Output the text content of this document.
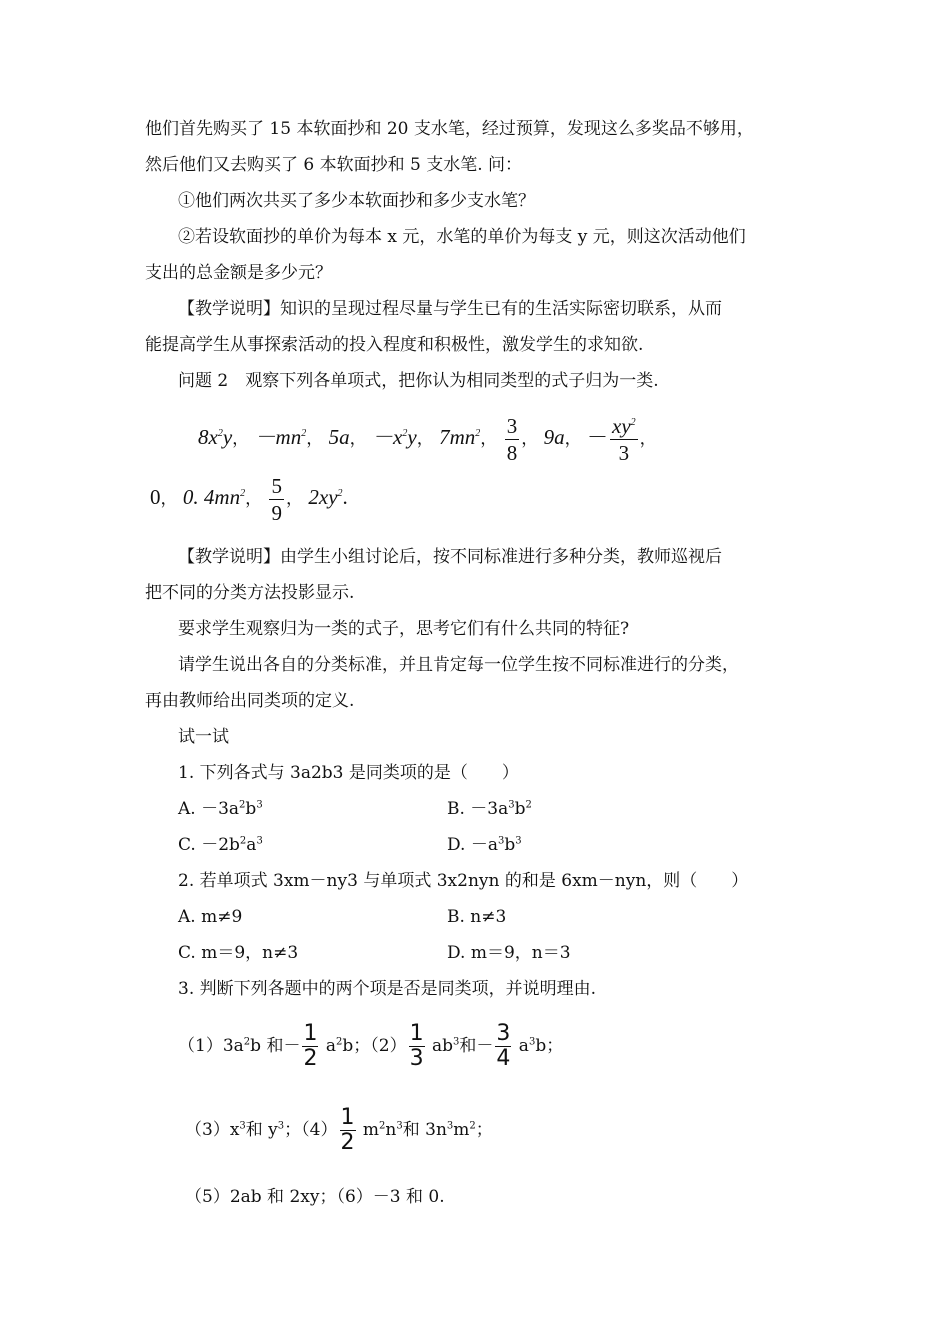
他们首先购买了 15 本软面抄和 20 支水笔，经过预算，发现这么多奖品不够用，
然后他们又去购买了 6 本软面抄和 5 支水笔. 问：
①他们两次共买了多少本软面抄和多少支水笔？
②若设软面抄的单价为每本 x 元，水笔的单价为每支 y 元，则这次活动他们
支出的总金额是多少元？
【教学说明】知识的呈现过程尽量与学生已有的生活实际密切联系，从而
能提高学生从事探索活动的投入程度和积极性，激发学生的求知欲.
问题 2　观察下列各单项式，把你认为相同类型的式子归为一类.
$8x^2y$， $-mn^2$， 5a， $-x^2y$， $7mn^2$， $\frac{3}{8}$ ， 9a， － $\frac{xy^2}{3}$ ，
0， 0. $4mn^2$， $\frac{5}{9}$ ， $2xy^2$.
【教学说明】由学生小组讨论后，按不同标准进行多种分类，教师巡视后
把不同的分类方法投影显示.
要求学生观察归为一类的式子，思考它们有什么共同的特征?
请学生说出各自的分类标准，并且肯定每一位学生按不同标准进行的分类，
再由教师给出同类项的定义.
试一试
1. 下列各式与 3a2b3 是同类项的是（　　）
A. $-3a^2b^3$	B. $-3a^3b^2$
C. $-2b^2a^3$	D. $-a^3b^3$
2. 若单项式 3xm－ny3 与单项式 3x2nyn 的和是 6xm－nyn，则（　　）
A. m≠9	B. n≠3
C. m＝9，n≠3	D. m＝9，n＝3
3. 判断下列各题中的两个项是否是同类项，并说明理由.
$(1)3a^2b$ 和－ $\frac{1}{2} a^2b$；$(2) \frac{1}{3} ab^3$和－ $\frac{3}{4} a^3b$；
$(3)x^3$和 $y^3$；$(4) \frac{1}{2} m^2n^3$和 $3n^3m^2$；
（5）2ab 和 2xy；（6）－3 和 0.
